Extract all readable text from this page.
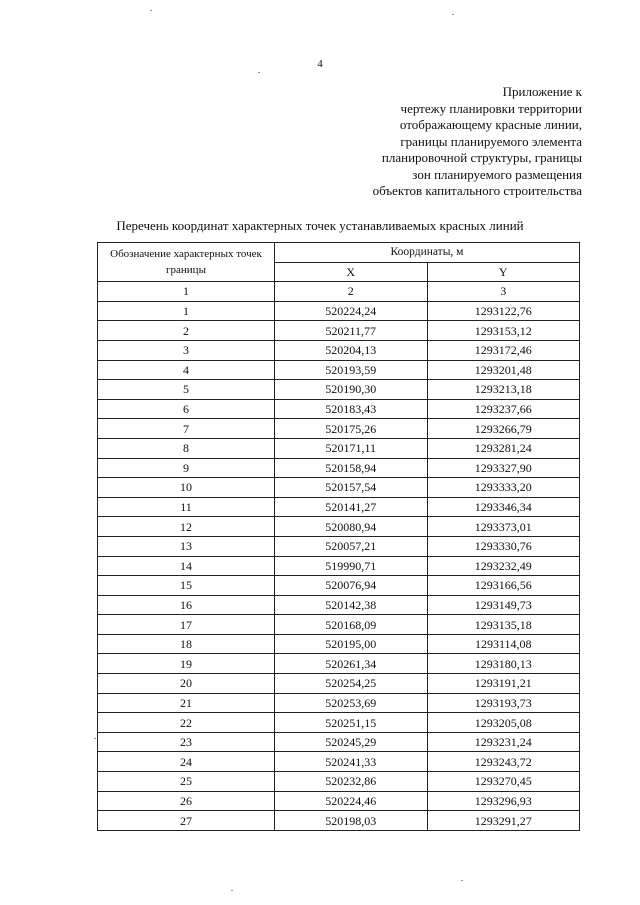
4
Приложение к
чертежу планировки территории
отображающему красные линии,
границы планируемого элемента
планировочной структуры, границы
зон планируемого размещения
объектов капитального строительства
Перечень координат характерных точек устанавливаемых красных линий
Обозначение характерных точек границы	Координаты, м	
	X	Y
1	2	3
1	520224,24	1293122,76
2	520211,77	1293153,12
3	520204,13	1293172,46
4	520193,59	1293201,48
5	520190,30	1293213,18
6	520183,43	1293237,66
7	520175,26	1293266,79
8	520171,11	1293281,24
9	520158,94	1293327,90
10	520157,54	1293333,20
11	520141,27	1293346,34
12	520080,94	1293373,01
13	520057,21	1293330,76
14	519990,71	1293232,49
15	520076,94	1293166,56
16	520142,38	1293149,73
17	520168,09	1293135,18
18	520195,00	1293114,08
19	520261,34	1293180,13
20	520254,25	1293191,21
21	520253,69	1293193,73
22	520251,15	1293205,08
23	520245,29	1293231,24
24	520241,33	1293243,72
25	520232,86	1293270,45
26	520224,46	1293296,93
27	520198,03	1293291,27
